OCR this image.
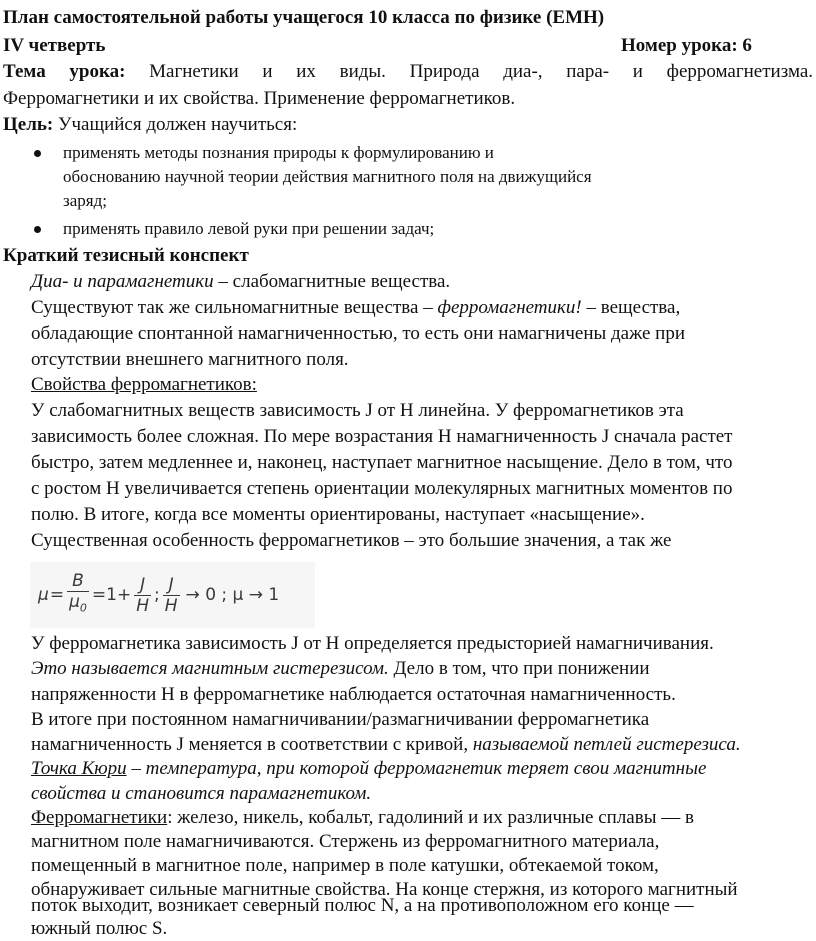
План самостоятельной работы учащегося 10 класса по физике (ЕМН)
IV четверть	Номер урока: 6
Тема урока: Магнетики и их виды. Природа диа-, пара- и ферромагнетизма.
Ферромагнетики и их свойства. Применение ферромагнетиков.
Цель: Учащийся должен научиться:
применять методы познания природы к формулированию и
обоснованию научной теории действия магнитного поля на движущийся
заряд;
применять правило левой руки при решении задач;
Краткий тезисный конспект
Диа- и парамагнетики – слабомагнитные вещества.
Существуют так же сильномагнитные вещества – ферромагнетики! – вещества,
обладающие спонтанной намагниченностью, то есть они намагничены даже при
отсутствии внешнего магнитного поля.
Свойства ферромагнетиков:
У слабомагнитных веществ зависимость J от H линейна. У ферромагнетиков эта
зависимость более сложная. По мере возрастания Н намагниченность J сначала растет
быстро, затем медленнее и, наконец, наступает магнитное насыщение. Дело в том, что
с ростом H увеличивается степень ориентации молекулярных магнитных моментов по
полю. В итоге, когда все моменты ориентированы, наступает «насыщение».
Существенная особенность ферромагнетиков – это большие значения, а так же
$\mu = \frac{B}{\mu_0} =1+ \frac{J}{H}$ ; $\frac{J}{H} \to 0$ ; μ → 1
У ферромагнетика зависимость J от H определяется предысторией намагничивания.
Это называется магнитным гистерезисом. Дело в том, что при понижении
напряженности H в ферромагнетике наблюдается остаточная намагниченность.
В итоге при постоянном намагничивании/размагничивании ферромагнетика
намагниченность J меняется в соответствии с кривой, называемой петлей гистерезиса.
Точка Кюри – температура, при которой ферромагнетик теряет свои магнитные
свойства и становится парамагнетиком.
Ферромагнетики: железо, никель, кобальт, гадолиний и их различные сплавы — в
магнитном поле намагничиваются. Стержень из ферромагнитного материала,
помещенный в магнитное поле, например в поле катушки, обтекаемой током,
обнаруживает сильные магнитные свойства. На конце стержня, из которого магнитный
поток выходит, возникает северный полюс N, а на противоположном его конце —
южный полюс S.
